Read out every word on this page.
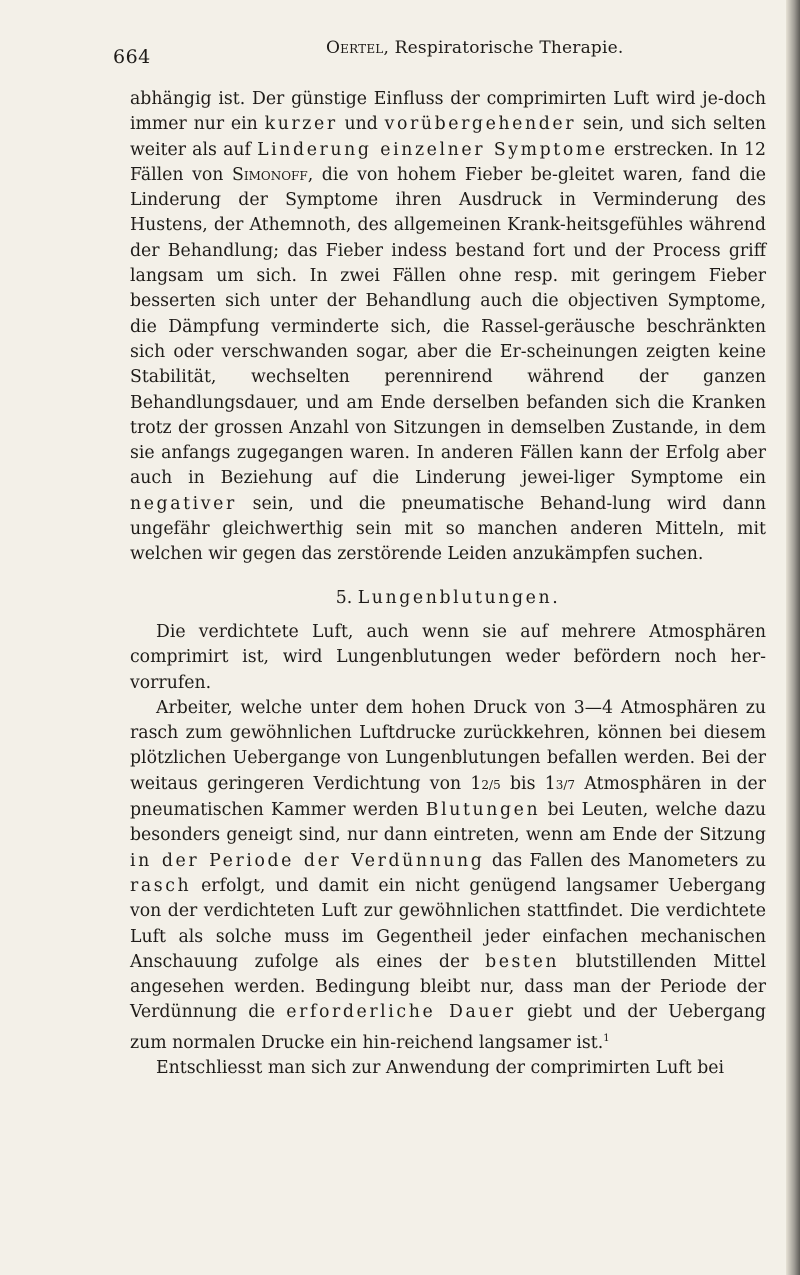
664	Oertel, Respiratorische Therapie.

abhängig ist. Der günstige Einfluss der comprimirten Luft wird je-doch immer nur ein kurzer und vorübergehender sein, und sich selten weiter als auf Linderung einzelner Symptome erstrecken. In 12 Fällen von Simonoff, die von hohem Fieber be-gleitet waren, fand die Linderung der Symptome ihren Ausdruck in Verminderung des Hustens, der Athemnoth, des allgemeinen Krank-heitsgefühles während der Behandlung; das Fieber indess bestand fort und der Process griff langsam um sich. In zwei Fällen ohne resp. mit geringem Fieber besserten sich unter der Behandlung auch die objectiven Symptome, die Dämpfung verminderte sich, die Rassel-geräusche beschränkten sich oder verschwanden sogar, aber die Er-scheinungen zeigten keine Stabilität, wechselten perennirend während der ganzen Behandlungsdauer, und am Ende derselben befanden sich die Kranken trotz der grossen Anzahl von Sitzungen in demselben Zustande, in dem sie anfangs zugegangen waren. In anderen Fällen kann der Erfolg aber auch in Beziehung auf die Linderung jewei-liger Symptome ein negativer sein, und die pneumatische Behand-lung wird dann ungefähr gleichwerthig sein mit so manchen anderen Mitteln, mit welchen wir gegen das zerstörende Leiden anzukämpfen suchen.

5. Lungenblutungen.

Die verdichtete Luft, auch wenn sie auf mehrere Atmosphären comprimirt ist, wird Lungenblutungen weder befördern noch her-vorrufen.

Arbeiter, welche unter dem hohen Druck von 3—4 Atmosphären zu rasch zum gewöhnlichen Luftdrucke zurückkehren, können bei diesem plötzlichen Uebergange von Lungenblutungen befallen werden. Bei der weitaus geringeren Verdichtung von 12/5 bis 13/7 Atmosphären in der pneumatischen Kammer werden Blutungen bei Leuten, welche dazu besonders geneigt sind, nur dann eintreten, wenn am Ende der Sitzung in der Periode der Verdünnung das Fallen des Manometers zu rasch erfolgt, und damit ein nicht genügend langsamer Uebergang von der verdichteten Luft zur gewöhnlichen stattfindet. Die verdichtete Luft als solche muss im Gegentheil jeder einfachen mechanischen Anschauung zufolge als eines der besten blutstillenden Mittel angesehen werden. Bedingung bleibt nur, dass man der Periode der Verdünnung die erforderliche Dauer giebt und der Uebergang zum normalen Drucke ein hin-reichend langsamer ist.$^1$

Entschliesst man sich zur Anwendung der comprimirten Luft bei
